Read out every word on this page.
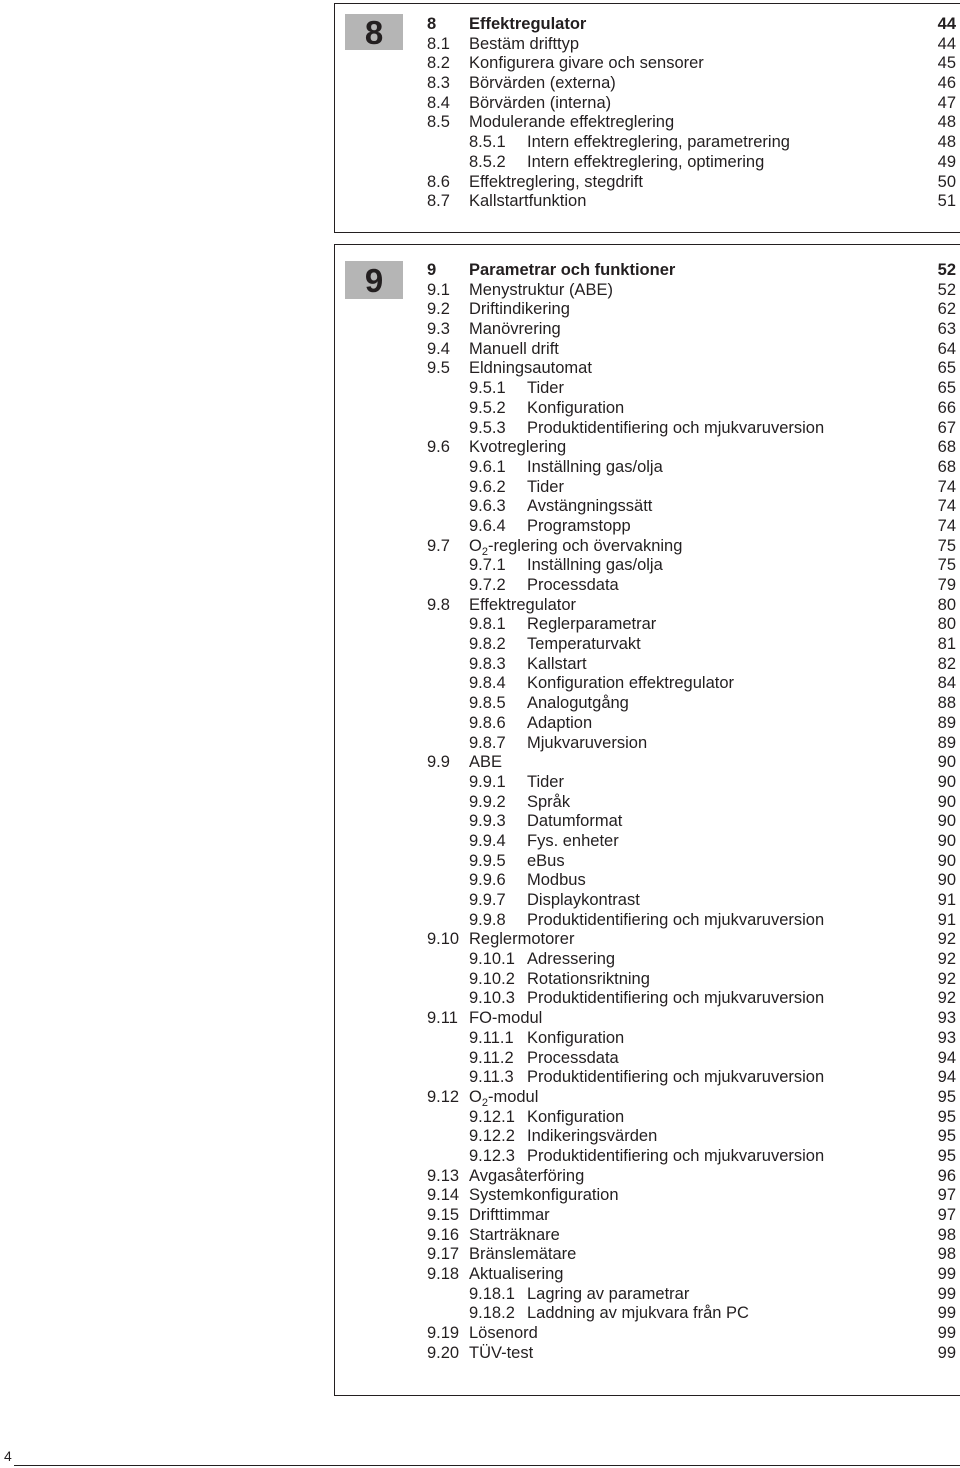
8	8 Effektregulator	44
8.1 Bestäm drifttyp	44
8.2 Konfigurera givare och sensorer	45
8.3 Börvärden (externa)	46
8.4 Börvärden (interna)	47
8.5 Modulerande effektreglering	48
8.5.1 Intern effektreglering, parametrering	48
8.5.2 Intern effektreglering, optimering	49
8.6 Effektreglering, stegdrift	50
8.7 Kallstartfunktion	51
9	9 Parametrar och funktioner	52
9.1 Menystruktur (ABE)	52
9.2 Driftindikering	62
9.3 Manövrering	63
9.4 Manuell drift	64
9.5 Eldningsautomat	65
9.5.1 Tider	65
9.5.2 Konfiguration	66
9.5.3 Produktidentifiering och mjukvaruversion	67
9.6 Kvotreglering	68
9.6.1 Inställning gas/olja	68
9.6.2 Tider	74
9.6.3 Avstängningssätt	74
9.6.4 Programstopp	74
9.7 $O_2$-reglering och övervakning	75
9.7.1 Inställning gas/olja	75
9.7.2 Processdata	79
9.8 Effektregulator	80
9.8.1 Reglerparametrar	80
9.8.2 Temperaturvakt	81
9.8.3 Kallstart	82
9.8.4 Konfiguration effektregulator	84
9.8.5 Analogutgång	88
9.8.6 Adaption	89
9.8.7 Mjukvaruversion	89
9.9 ABE	90
9.9.1 Tider	90
9.9.2 Språk	90
9.9.3 Datumformat	90
9.9.4 Fys. enheter	90
9.9.5 eBus	90
9.9.6 Modbus	90
9.9.7 Displaykontrast	91
9.9.8 Produktidentifiering och mjukvaruversion	91
9.10 Reglermotorer	92
9.10.1 Adressering	92
9.10.2 Rotationsriktning	92
9.10.3 Produktidentifiering och mjukvaruversion	92
9.11 FO-modul	93
9.11.1 Konfiguration	93
9.11.2 Processdata	94
9.11.3 Produktidentifiering och mjukvaruversion	94
9.12 $O_2$-modul	95
9.12.1 Konfiguration	95
9.12.2 Indikeringsvärden	95
9.12.3 Produktidentifiering och mjukvaruversion	95
9.13 Avgasåterföring	96
9.14 Systemkonfiguration	97
9.15 Drifttimmar	97
9.16 Starträknare	98
9.17 Bränslemätare	98
9.18 Aktualisering	99
9.18.1 Lagring av parametrar	99
9.18.2 Laddning av mjukvara från PC	99
9.19 Lösenord	99
9.20 TÜV-test	99
4
